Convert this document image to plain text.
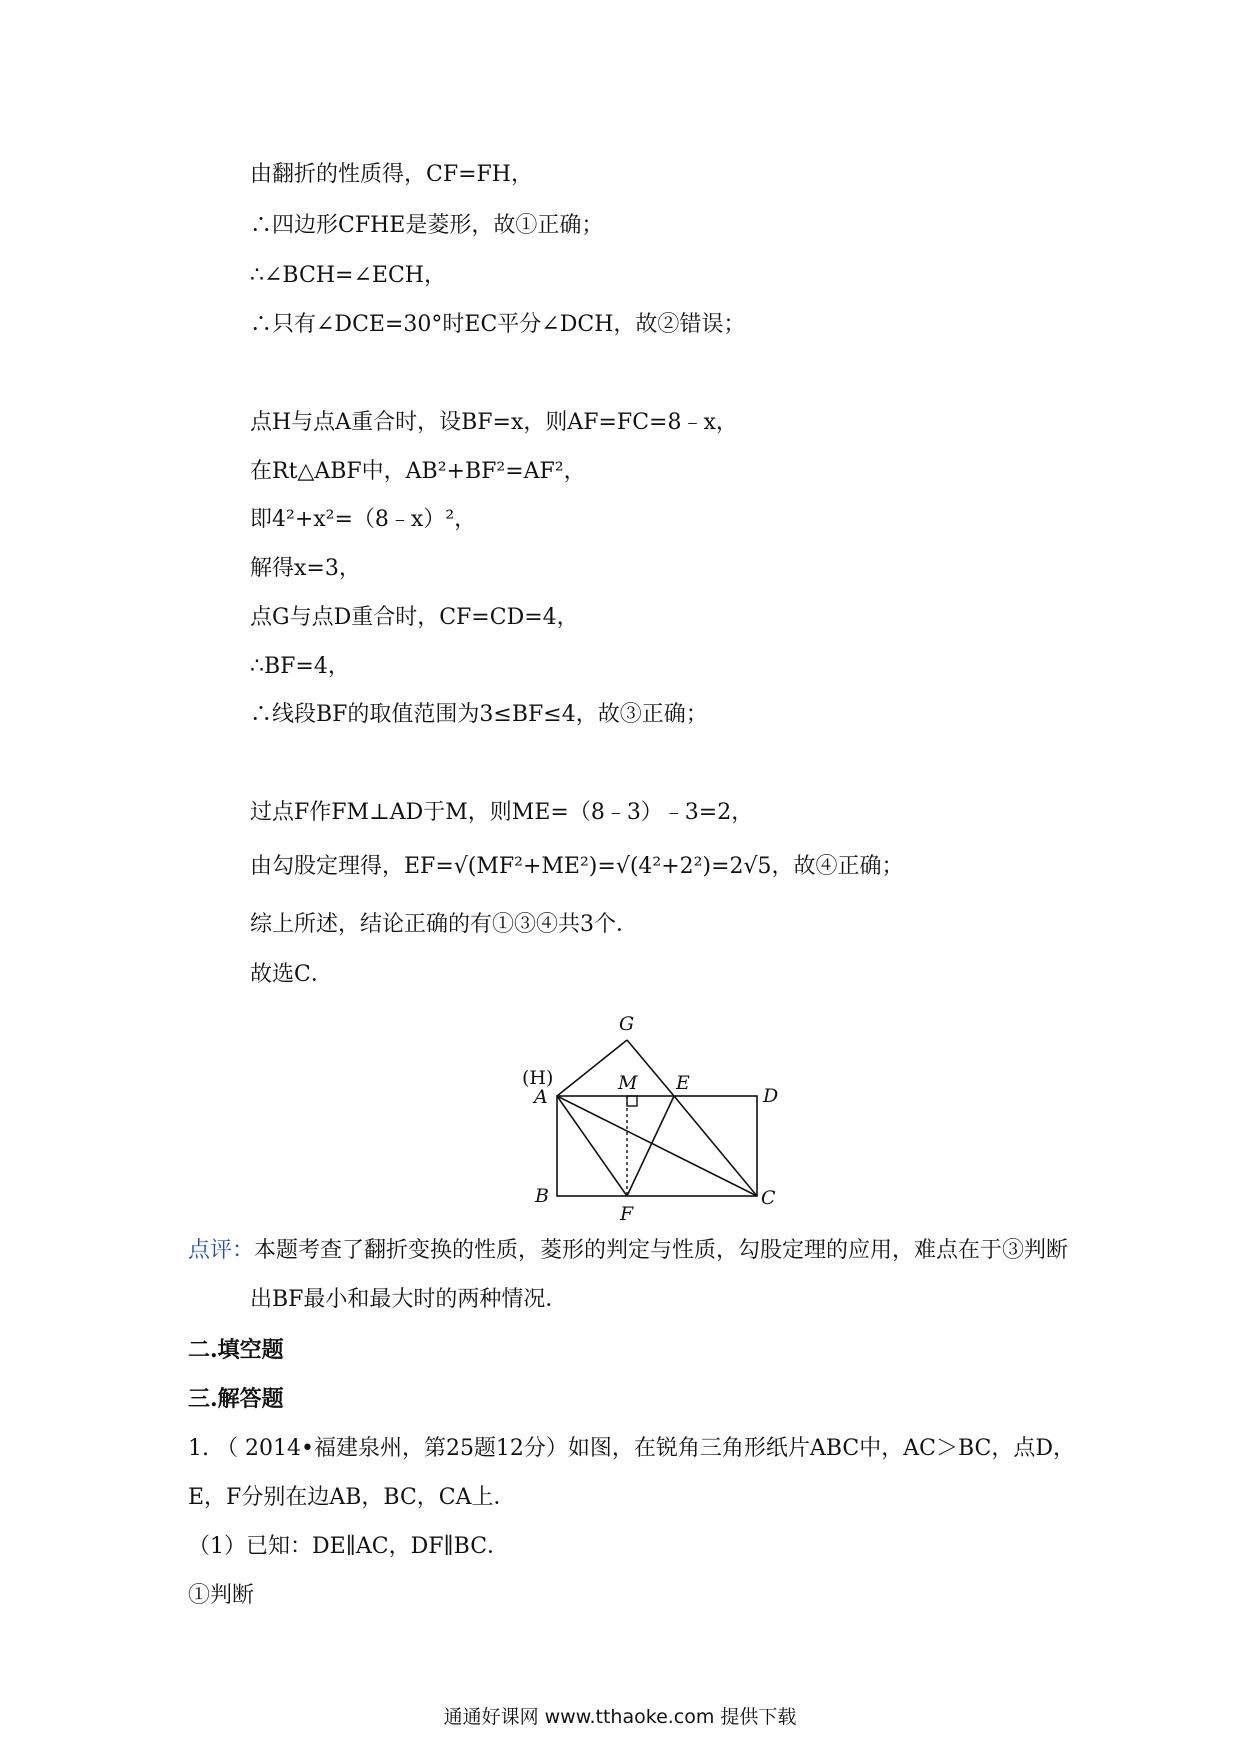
由翻折的性质得，CF=FH，
∴四边形CFHE是菱形，故①正确；
∴∠BCH=∠ECH，
∴只有∠DCE=30°时EC平分∠DCH，故②错误；
点H与点A重合时，设BF=x，则AF=FC=8﹣x，
在Rt△ABF中，AB²+BF²=AF²，
即4²+x²=（8﹣x）²，
解得x=3，
点G与点D重合时，CF=CD=4，
∴BF=4，
∴线段BF的取值范围为3≤BF≤4，故③正确；
过点F作FM⊥AD于M，则ME=（8﹣3）﹣3=2，
由勾股定理得，EF=√(MF²+ME²)=√(4²+2²)=2√5，故④正确；
综上所述，结论正确的有①③④共3个．
故选C．
G
(H)
A
M E
D
B
F
C
点评：本题考查了翻折变换的性质，菱形的判定与性质，勾股定理的应用，难点在于③判断
出BF最小和最大时的两种情况．
二.填空题
三.解答题
1. （ 2014•福建泉州，第25题12分）如图，在锐角三角形纸片ABC中，AC＞BC，点D，
E，F分别在边AB，BC，CA上．
（1）已知：DE∥AC，DF∥BC．
①判断
通通好课网 www.tthaoke.com 提供下载
